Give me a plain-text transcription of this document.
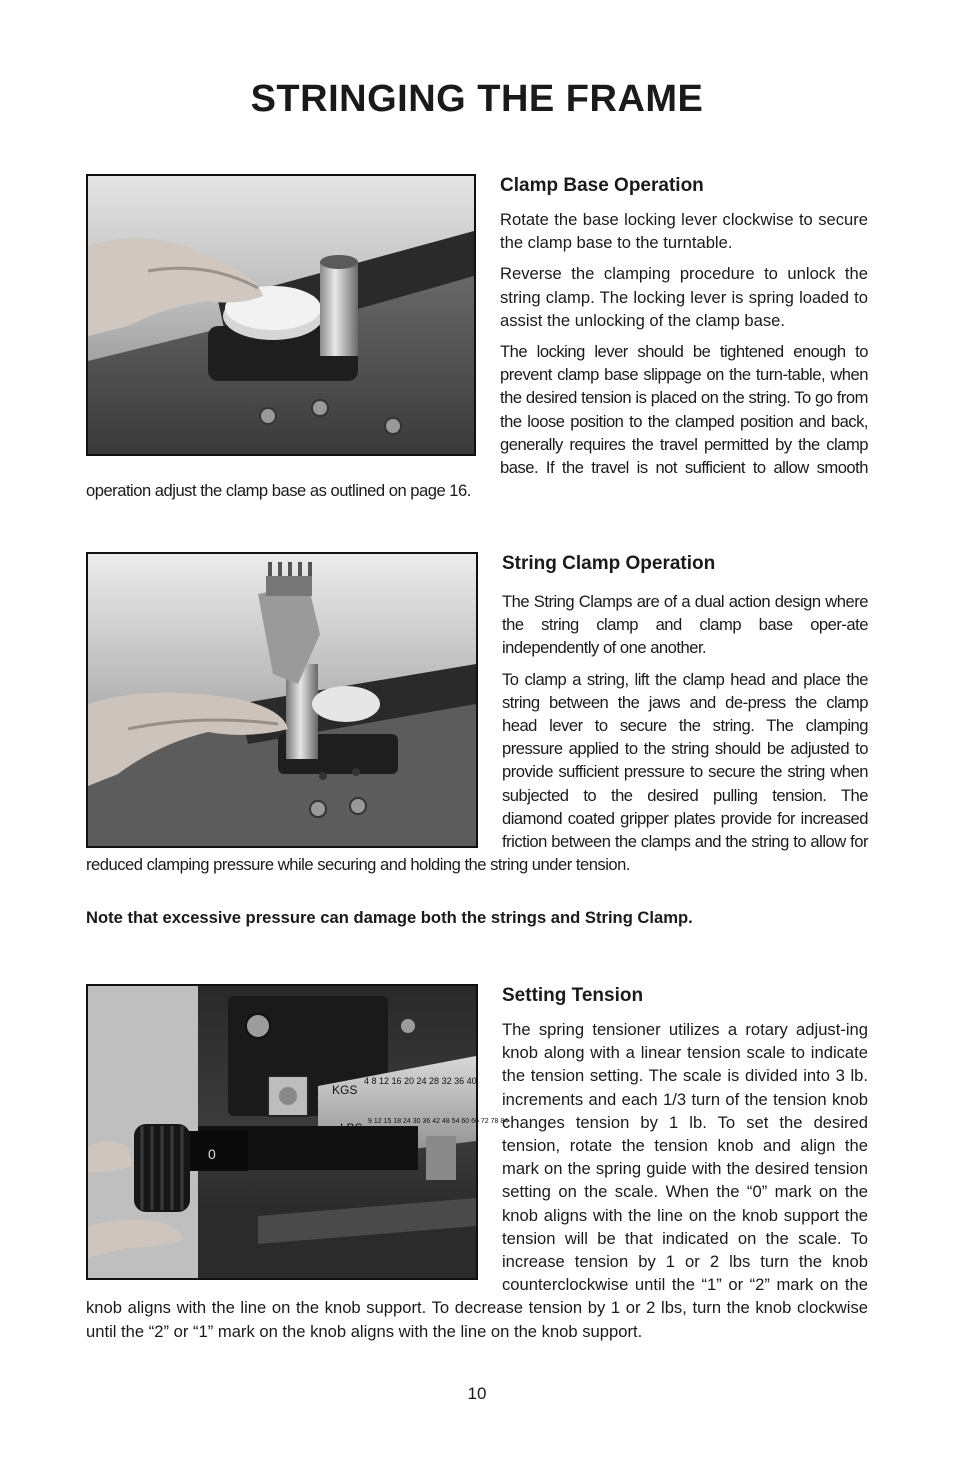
STRINGING THE FRAME
Clamp Base Operation

Rotate the base locking lever clockwise to secure the clamp base to the turntable.

Reverse the clamping procedure to unlock the string clamp. The locking lever is spring loaded to assist the unlocking of the clamp base.

The locking lever should be tightened enough to prevent clamp base slippage on the turn-table, when the desired tension is placed on the string. To go from the loose position to the clamped position and back, generally requires the travel permitted by the clamp base. If the travel is not sufficient to allow smooth operation adjust the clamp base as outlined on page 16.

String Clamp Operation

The String Clamps are of a dual action design where the string clamp and clamp base oper-ate independently of one another.

To clamp a string, lift the clamp head and place the string between the jaws and de-press the clamp head lever to secure the string. The clamping pressure applied to the string should be adjusted to provide sufficient pressure to secure the string when subjected to the desired pulling tension. The diamond coated gripper plates provide for increased friction between the clamps and the string to allow for reduced clamping pressure while securing and holding the string under tension.

Note that excessive pressure can damage both the strings and String Clamp.

KGS
4 8 12 16 20 24 28 32 36 40
9 12 15 18 24 30 36 42 48 54 60 66 72 78 84
0
Setting Tension

The spring tensioner utilizes a rotary adjust-ing knob along with a linear tension scale to indicate the tension setting. The scale is divided into 3 lb. increments and each 1/3 turn of the tension knob changes tension by 1 lb. To set the desired tension, rotate the tension knob and align the mark on the spring guide with the desired tension setting on the scale. When the “0” mark on the knob aligns with the line on the knob support the tension will be that indicated on the scale. To increase tension by 1 or 2 lbs turn the knob counterclockwise until the “1” or “2” mark on the knob aligns with the line on the knob support. To decrease tension by 1 or 2 lbs, turn the knob clockwise until the “2” or “1” mark on the knob aligns with the line on the knob support.

10
